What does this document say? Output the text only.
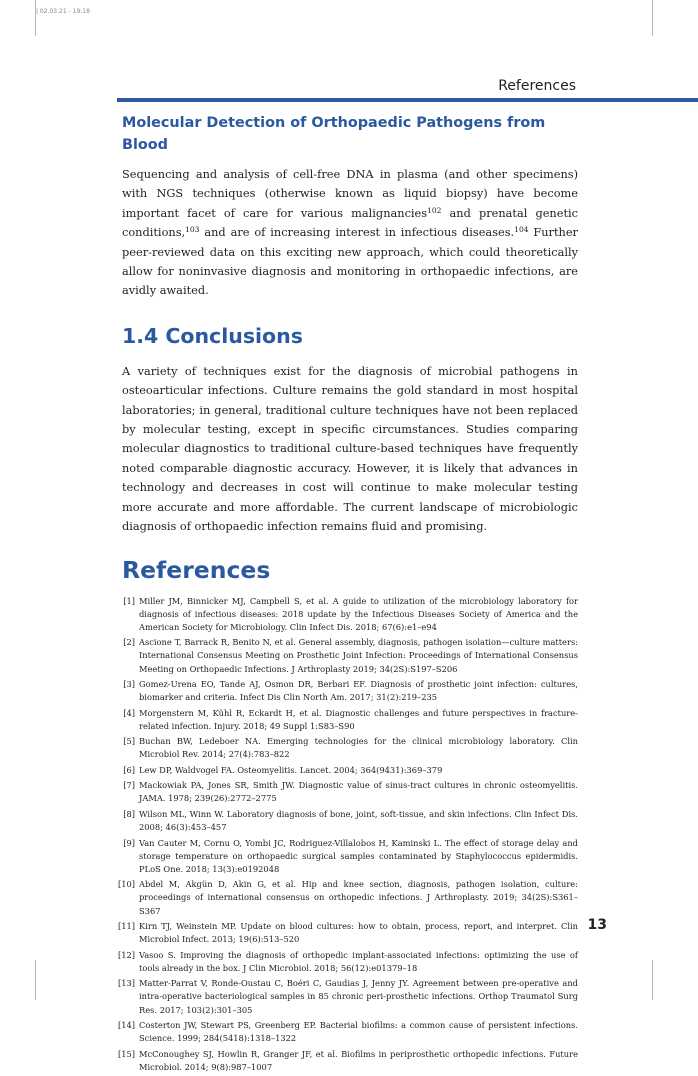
| 02.03.21 - 19:18
References
Molecular Detection of Orthopaedic Pathogens from Blood

Sequencing and analysis of cell-free DNA in plasma (and other specimens) with NGS techniques (otherwise known as liquid biopsy) have become important facet of care for various malignancies$^{102}$ and prenatal genetic conditions,$^{103}$ and are of increasing interest in infectious diseases.$^{104}$ Further peer-reviewed data on this exciting new approach, which could theoretically allow for noninvasive diagnosis and monitoring in orthopaedic infections, are avidly awaited.

1.4 Conclusions

A variety of techniques exist for the diagnosis of microbial pathogens in osteoarticular infections. Culture remains the gold standard in most hospital laboratories; in general, traditional culture techniques have not been replaced by molecular testing, except in specific circumstances. Studies comparing molecular diagnostics to traditional culture-based techniques have frequently noted comparable diagnostic accuracy. However, it is likely that advances in technology and decreases in cost will continue to make molecular testing more accurate and more affordable. The current landscape of microbiologic diagnosis of orthopaedic infection remains fluid and promising.

References
[1] Miller JM, Binnicker MJ, Campbell S, et al. A guide to utilization of the microbiology laboratory for diagnosis of infectious diseases: 2018 update by the Infectious Diseases Society of America and the American Society for Microbiology. Clin Infect Dis. 2018; 67(6):e1–e94
[2] Ascione T, Barrack R, Benito N, et al. General assembly, diagnosis, pathogen isolation—culture matters: International Consensus Meeting on Prosthetic Joint Infection: Proceedings of International Consensus Meeting on Orthopaedic Infections. J Arthroplasty 2019; 34(2S):S197–S206
[3] Gomez-Urena EO, Tande AJ, Osmon DR, Berbari EF. Diagnosis of prosthetic joint infection: cultures, biomarker and criteria. Infect Dis Clin North Am. 2017; 31(2):219–235
[4] Morgenstern M, Kühl R, Eckardt H, et al. Diagnostic challenges and future perspectives in fracture-related infection. Injury. 2018; 49 Suppl 1:S83–S90
[5] Buchan BW, Ledeboer NA. Emerging technologies for the clinical microbiology laboratory. Clin Microbiol Rev. 2014; 27(4):783–822
[6] Lew DP, Waldvogel FA. Osteomyelitis. Lancet. 2004; 364(9431):369–379
[7] Mackowiak PA, Jones SR, Smith JW. Diagnostic value of sinus-tract cultures in chronic osteomyelitis. JAMA. 1978; 239(26):2772–2775
[8] Wilson ML, Winn W. Laboratory diagnosis of bone, joint, soft-tissue, and skin infections. Clin Infect Dis. 2008; 46(3):453–457
[9] Van Cauter M, Cornu O, Yombi JC, Rodriguez-Villalobos H, Kaminski L. The effect of storage delay and storage temperature on orthopaedic surgical samples contaminated by Staphylococcus epidermidis. PLoS One. 2018; 13(3):e0192048
[10] Abdel M, Akgün D, Akin G, et al. Hip and knee section, diagnosis, pathogen isolation, culture: proceedings of international consensus on orthopedic infections. J Arthroplasty. 2019; 34(2S):S361–S367
[11] Kirn TJ, Weinstein MP. Update on blood cultures: how to obtain, process, report, and interpret. Clin Microbiol Infect. 2013; 19(6):513–520
[12] Vasoo S. Improving the diagnosis of orthopedic implant-associated infections: optimizing the use of tools already in the box. J Clin Microbiol. 2018; 56(12):e01379–18
[13] Matter-Parrat V, Ronde-Oustau C, Boéri C, Gaudias J, Jenny JY. Agreement between pre-operative and intra-operative bacteriological samples in 85 chronic peri-prosthetic infections. Orthop Traumatol Surg Res. 2017; 103(2):301–305
[14] Costerton JW, Stewart PS, Greenberg EP. Bacterial biofilms: a common cause of persistent infections. Science. 1999; 284(5418):1318–1322
[15] McConoughey SJ, Howlin R, Granger JF, et al. Biofilms in periprosthetic orthopedic infections. Future Microbiol. 2014; 9(8):987–1007
13
